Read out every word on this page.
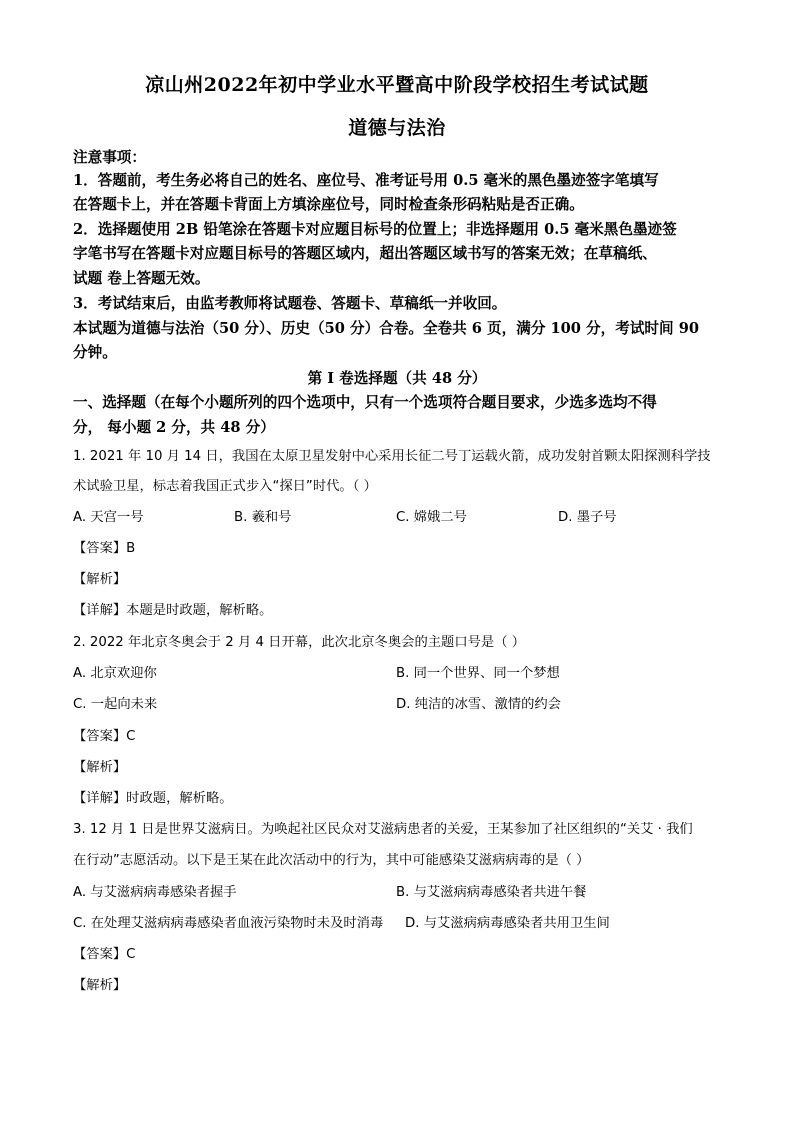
凉山州2022年初中学业水平暨高中阶段学校招生考试试题
道德与法治
注意事项：
1．答题前，考生务必将自己的姓名、座位号、准考证号用 0.5 毫米的黑色墨迹签字笔填写
在答题卡上，并在答题卡背面上方填涂座位号，同时检查条形码粘贴是否正确。
2．选择题使用 2B 铅笔涂在答题卡对应题目标号的位置上；非选择题用 0.5 毫米黑色墨迹签
字笔书写在答题卡对应题目标号的答题区域内，超出答题区域书写的答案无效；在草稿纸、
试题 卷上答题无效。
3．考试结束后，由监考教师将试题卷、答题卡、草稿纸一并收回。
本试题为道德与法治（50 分）、历史（50 分）合卷。全卷共 6 页，满分 100 分，考试时间 90
分钟。
第 I 卷选择题（共 48 分）
一、选择题（在每个小题所列的四个选项中，只有一个选项符合题目要求，少选多选均不得
分， 每小题 2 分，共 48 分）
1. 2021 年 10 月 14 日，我国在太原卫星发射中心采用长征二号丁运载火箭，成功发射首颗太阳探测科学技
术试验卫星，标志着我国正式步入“探日”时代。（ ）
A. 天宫一号	B. 羲和号	C. 嫦娥二号	D. 墨子号
【答案】B
【解析】
【详解】本题是时政题，解析略。
2. 2022 年北京冬奥会于 2 月 4 日开幕，此次北京冬奥会的主题口号是（ ）
A. 北京欢迎你	B. 同一个世界、同一个梦想
C. 一起向未来	D. 纯洁的冰雪、激情的约会
【答案】C
【解析】
【详解】时政题，解析略。
3. 12 月 1 日是世界艾滋病日。为唤起社区民众对艾滋病患者的关爱，王某参加了社区组织的“关艾 · 我们
在行动”志愿活动。以下是王某在此次活动中的行为，其中可能感染艾滋病病毒的是（ ）
A. 与艾滋病病毒感染者握手	B. 与艾滋病病毒感染者共进午餐
C. 在处理艾滋病病毒感染者血液污染物时未及时消毒 D. 与艾滋病病毒感染者共用卫生间
【答案】C
【解析】
